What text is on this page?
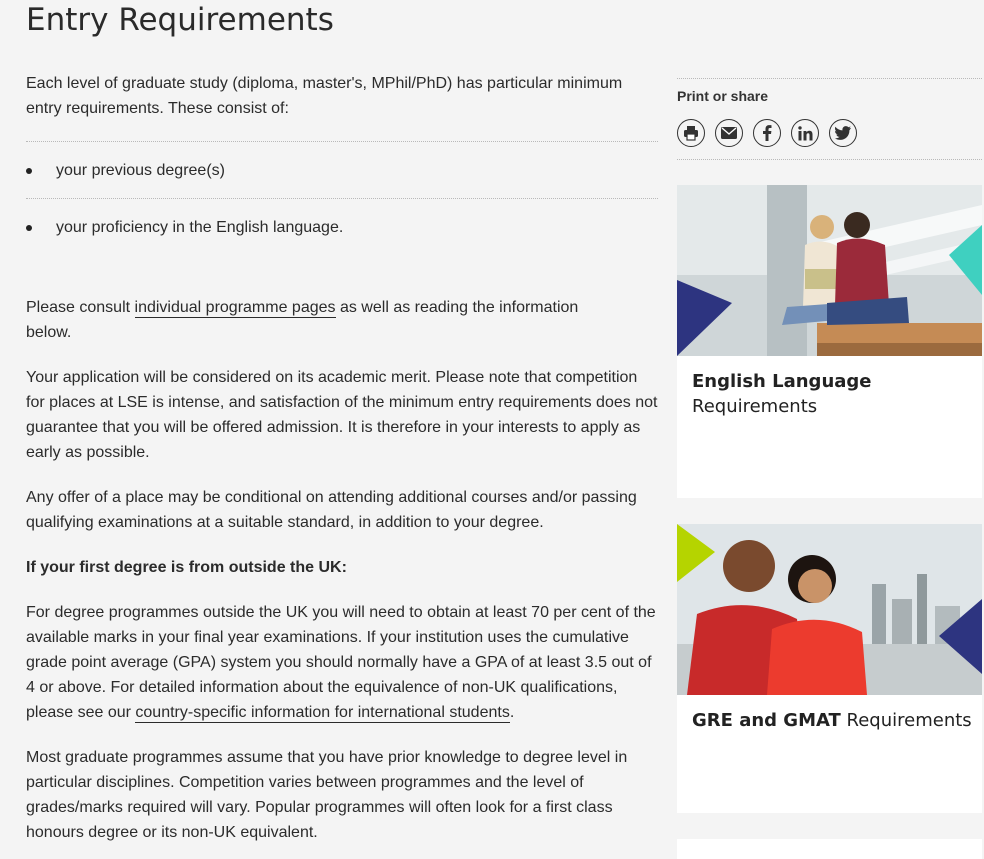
Entry Requirements

Each level of graduate study (diploma, master's, MPhil/PhD) has particular minimum entry requirements. These consist of:

your previous degree(s)
your proficiency in the English language.

Please consult individual programme pages as well as reading the information below.

Your application will be considered on its academic merit. Please note that competition for places at LSE is intense, and satisfaction of the minimum entry requirements does not guarantee that you will be offered admission. It is therefore in your interests to apply as early as possible.

Any offer of a place may be conditional on attending additional courses and/or passing qualifying examinations at a suitable standard, in addition to your degree.

If your first degree is from outside the UK:

For degree programmes outside the UK you will need to obtain at least 70 per cent of the available marks in your final year examinations. If your institution uses the cumulative grade point average (GPA) system you should normally have a GPA of at least 3.5 out of 4 or above. For detailed information about the equivalence of non-UK qualifications, please see our country-specific information for international students.

Most graduate programmes assume that you have prior knowledge to degree level in particular disciplines. Competition varies between programmes and the level of grades/marks required will vary. Popular programmes will often look for a first class honours degree or its non-UK equivalent.

Print or share
English Language
Requirements
GRE and GMAT Requirements
